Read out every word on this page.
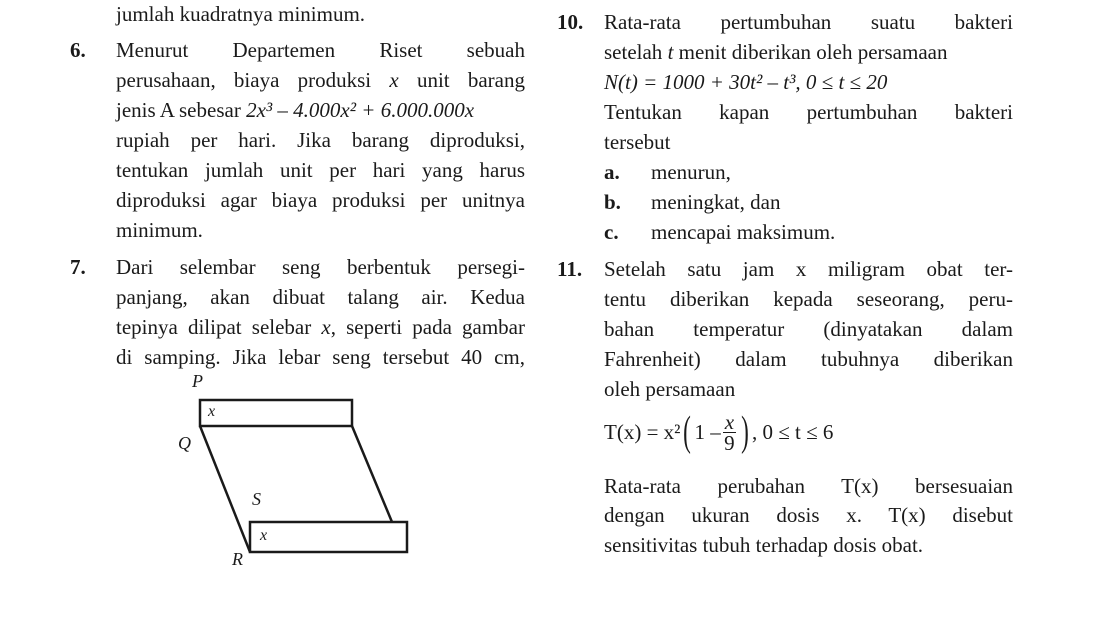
jumlah kuadratnya minimum.
6. Menurut Departemen Riset sebuah
perusahaan, biaya produksi x unit barang
jenis A sebesar 2x³ – 4.000x² + 6.000.000x
rupiah per hari. Jika barang diproduksi,
tentukan jumlah unit per hari yang harus
diproduksi agar biaya produksi per unitnya
minimum.
7. Dari selembar seng berbentuk persegi-
panjang, akan dibuat talang air. Kedua
tepinya dilipat selebar x, seperti pada gambar
di samping. Jika lebar seng tersebut 40 cm,
P
Q
S
R
x
x
10. Rata-rata pertumbuhan suatu bakteri
setelah t menit diberikan oleh persamaan
N(t) = 1000 + 30t² – t³, 0 ≤ t ≤ 20
Tentukan kapan pertumbuhan bakteri
tersebut
a. menurun,
b. meningkat, dan
c. mencapai maksimum.
11. Setelah satu jam x miligram obat ter-
tentu diberikan kepada seseorang, peru-
bahan temperatur (dinyatakan dalam
Fahrenheit) dalam tubuhnya diberikan
oleh persamaan
T(x) = x²( $1 - \frac{x}{9}$ ) , 0 ≤ t ≤ 6
Rata-rata perubahan T(x) bersesuaian
dengan ukuran dosis x. T(x) disebut
sensitivitas tubuh terhadap dosis obat.
